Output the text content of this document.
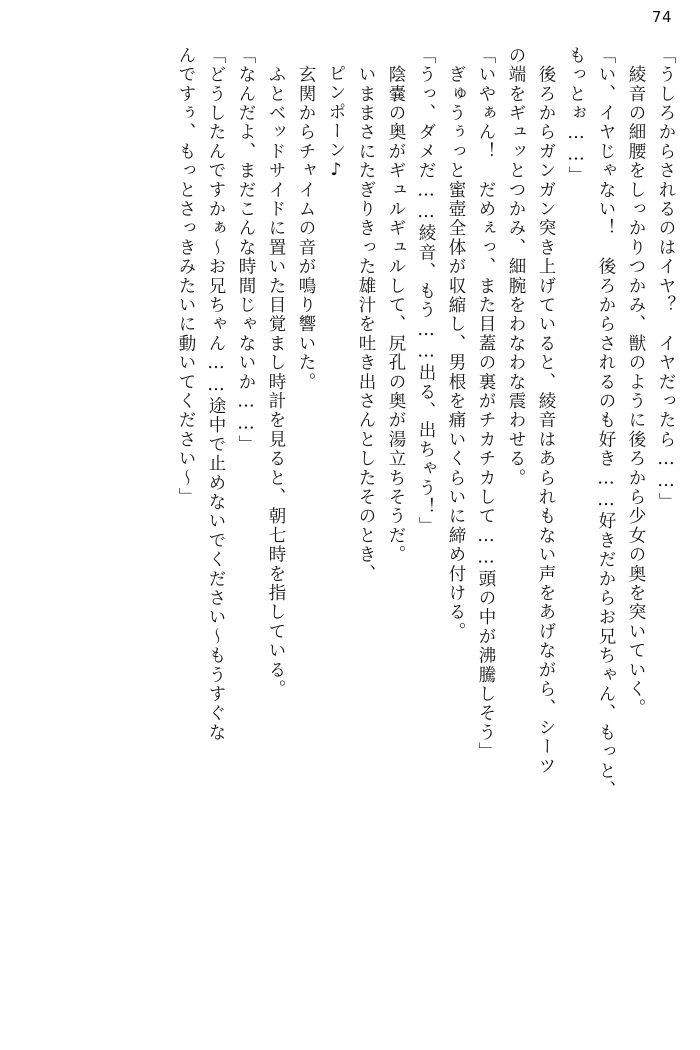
74
「うしろからされるのはイヤ？　イヤだったら……」
　綾音の細腰をしっかりつかみ、獣のように後ろから少女の奥を突いていく。
「い、イヤじゃない！　後ろからされるのも好き……好きだからお兄ちゃん、もっと、
もっとぉ……」
　後ろからガンガン突き上げていると、綾音はあられもない声をあげながら、シーツ
の端をギュッとつかみ、細腕をわなわな震わせる。
「いやぁん！　だめぇっ、また目蓋の裏がチカチカして……頭の中が沸騰しそう」
　ぎゅうぅっと蜜壺全体が収縮し、男根を痛いくらいに締め付ける。
「うっ、ダメだ……綾音、もう……出る、出ちゃう！」
　陰嚢の奥がギュルギュルして、尻孔の奥が湯立ちそうだ。
　いままさにたぎりきった雄汁を吐き出さんとしたそのとき、
ピンポーン♪
　玄関からチャイムの音が鳴り響いた。
　ふとベッドサイドに置いた目覚まし時計を見ると、朝七時を指している。
「なんだよ、まだこんな時間じゃないか……」
「どうしたんですかぁ～お兄ちゃん……途中で止めないでください～もうすぐな
んですぅ、もっとさっきみたいに動いてください～」
